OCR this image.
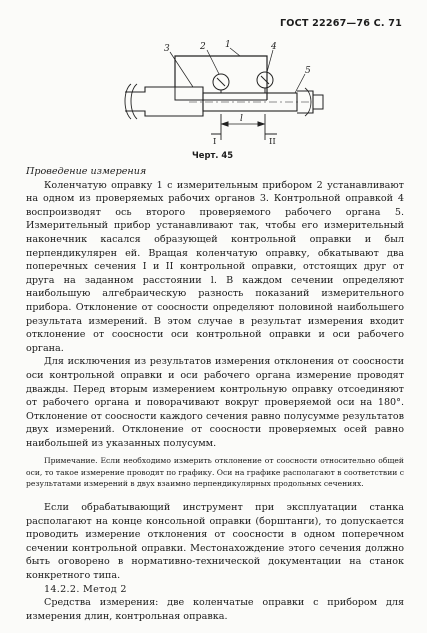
ГОСТ 22267—76 С. 71
3	2 1	4
5
l
I	II
Черт. 45

Проведение измерения

Коленчатую оправку 1 с измерительным прибором 2 устанавливают на одном из проверяемых рабочих органов 3. Контрольной оправкой 4 воспроизводят ось второго проверяемого рабочего органа 5. Измерительный прибор устанавливают так, чтобы его измерительный наконечник касался образующей контрольной оправки и был перпендикулярен ей. Вращая коленчатую оправку, обкатывают два поперечных сечения I и II контрольной оправки, отстоящих друг от друга на заданном расстоянии l. В каждом сечении определяют наибольшую алгебраическую разность показаний измерительного прибора. Отклонение от соосности определяют половиной наибольшего результата измерений. В этом случае в результат измерения входит отклонение от соосности оси контрольной оправки и оси рабочего органа.

Для исключения из результатов измерения отклонения от соосности оси контрольной оправки и оси рабочего органа измерение проводят дважды. Перед вторым измерением контрольную оправку отсоединяют от рабочего органа и поворачивают вокруг проверяемой оси на 180°. Отклонение от соосности каждого сечения равно полусумме результатов двух измерений. Отклонение от соосности проверяемых осей равно наибольшей из указанных полусумм.

Примечание. Если необходимо измерить отклонение от соосности относительно общей оси, то такое измерение проводят по графику. Оси на графике располагают в соответствии с результатами измерений в двух взаимно перпендикулярных продольных сечениях.

Если обрабатывающий инструмент при эксплуатации станка располагают на конце консольной оправки (борштанги), то допускается проводить измерение отклонения от соосности в одном поперечном сечении контрольной оправки. Местонахождение этого сечения должно быть оговорено в нормативно-технической документации на станок конкретного типа.

14.2.2. Метод 2

Средства измерения: две коленчатые оправки с прибором для измерения длин, контрольная оправка.
